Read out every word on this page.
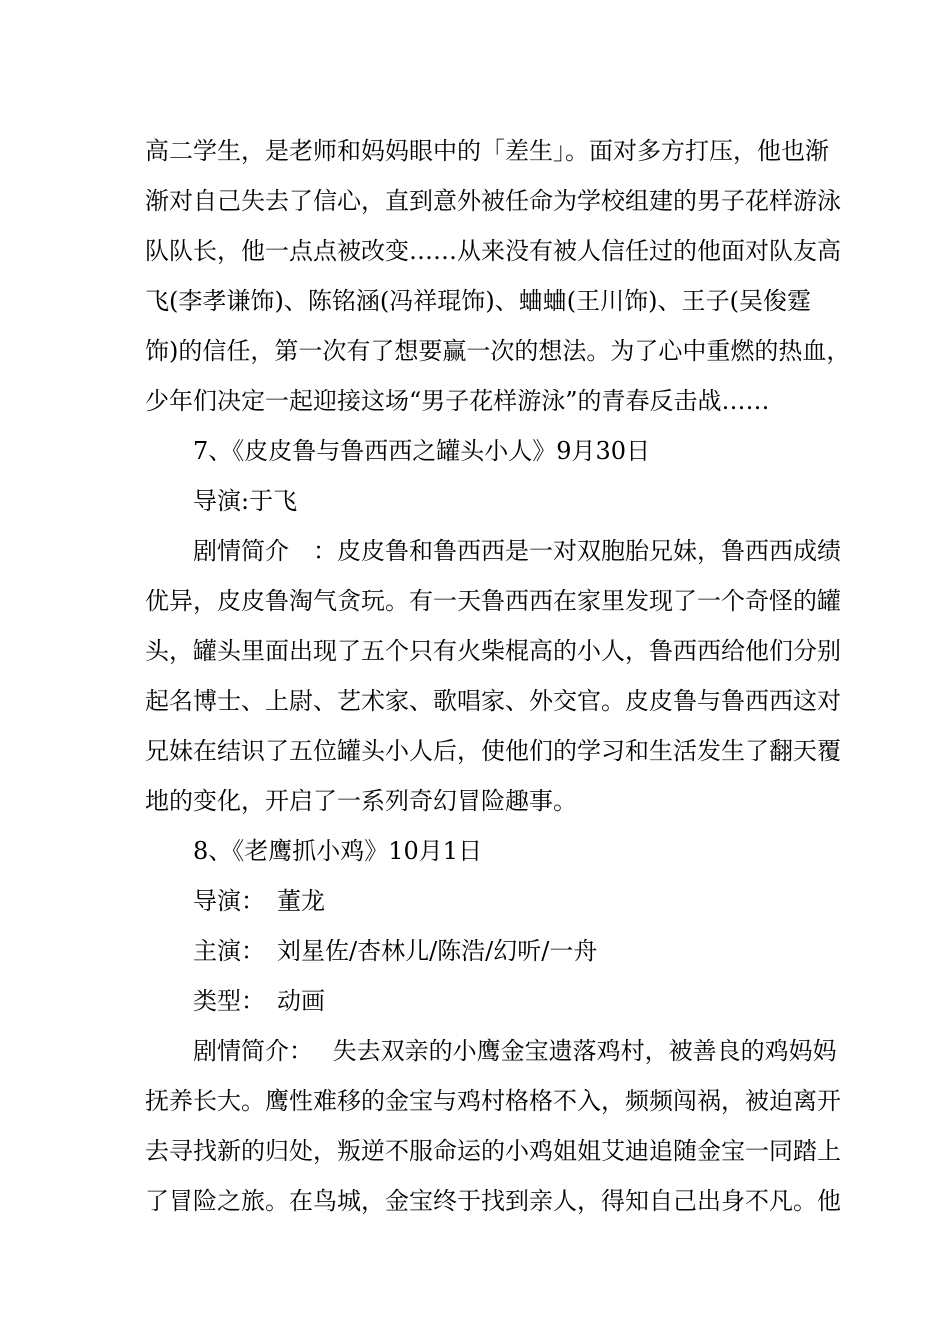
高二学生，是老师和妈妈眼中的「差生」。面对多方打压，他也渐
渐对自己失去了信心，直到意外被任命为学校组建的男子花样游泳
队队长，他一点点被改变……从来没有被人信任过的他面对队友高
飞(李孝谦饰)、陈铭涵(冯祥琨饰)、蛐蛐(王川饰)、王子(吴俊霆
饰)的信任，第一次有了想要赢一次的想法。为了心中重燃的热血，
少年们决定一起迎接这场“男子花样游泳”的青春反击战……
7、《皮皮鲁与鲁西西之罐头小人》9月30日
导演:于飞
剧情简介　：皮皮鲁和鲁西西是一对双胞胎兄妹，鲁西西成绩
优异，皮皮鲁淘气贪玩。有一天鲁西西在家里发现了一个奇怪的罐
头，罐头里面出现了五个只有火柴棍高的小人，鲁西西给他们分别
起名博士、上尉、艺术家、歌唱家、外交官。皮皮鲁与鲁西西这对
兄妹在结识了五位罐头小人后，使他们的学习和生活发生了翻天覆
地的变化，开启了一系列奇幻冒险趣事。
8、《老鹰抓小鸡》10月1日
导演：　董龙
主演：　刘星佐/杏林儿/陈浩/幻听/一舟
类型：　动画
剧情简介：　 失去双亲的小鹰金宝遗落鸡村，被善良的鸡妈妈
抚养长大。鹰性难移的金宝与鸡村格格不入，频频闯祸，被迫离开
去寻找新的归处，叛逆不服命运的小鸡姐姐艾迪追随金宝一同踏上
了冒险之旅。在鸟城，金宝终于找到亲人，得知自己出身不凡。他
